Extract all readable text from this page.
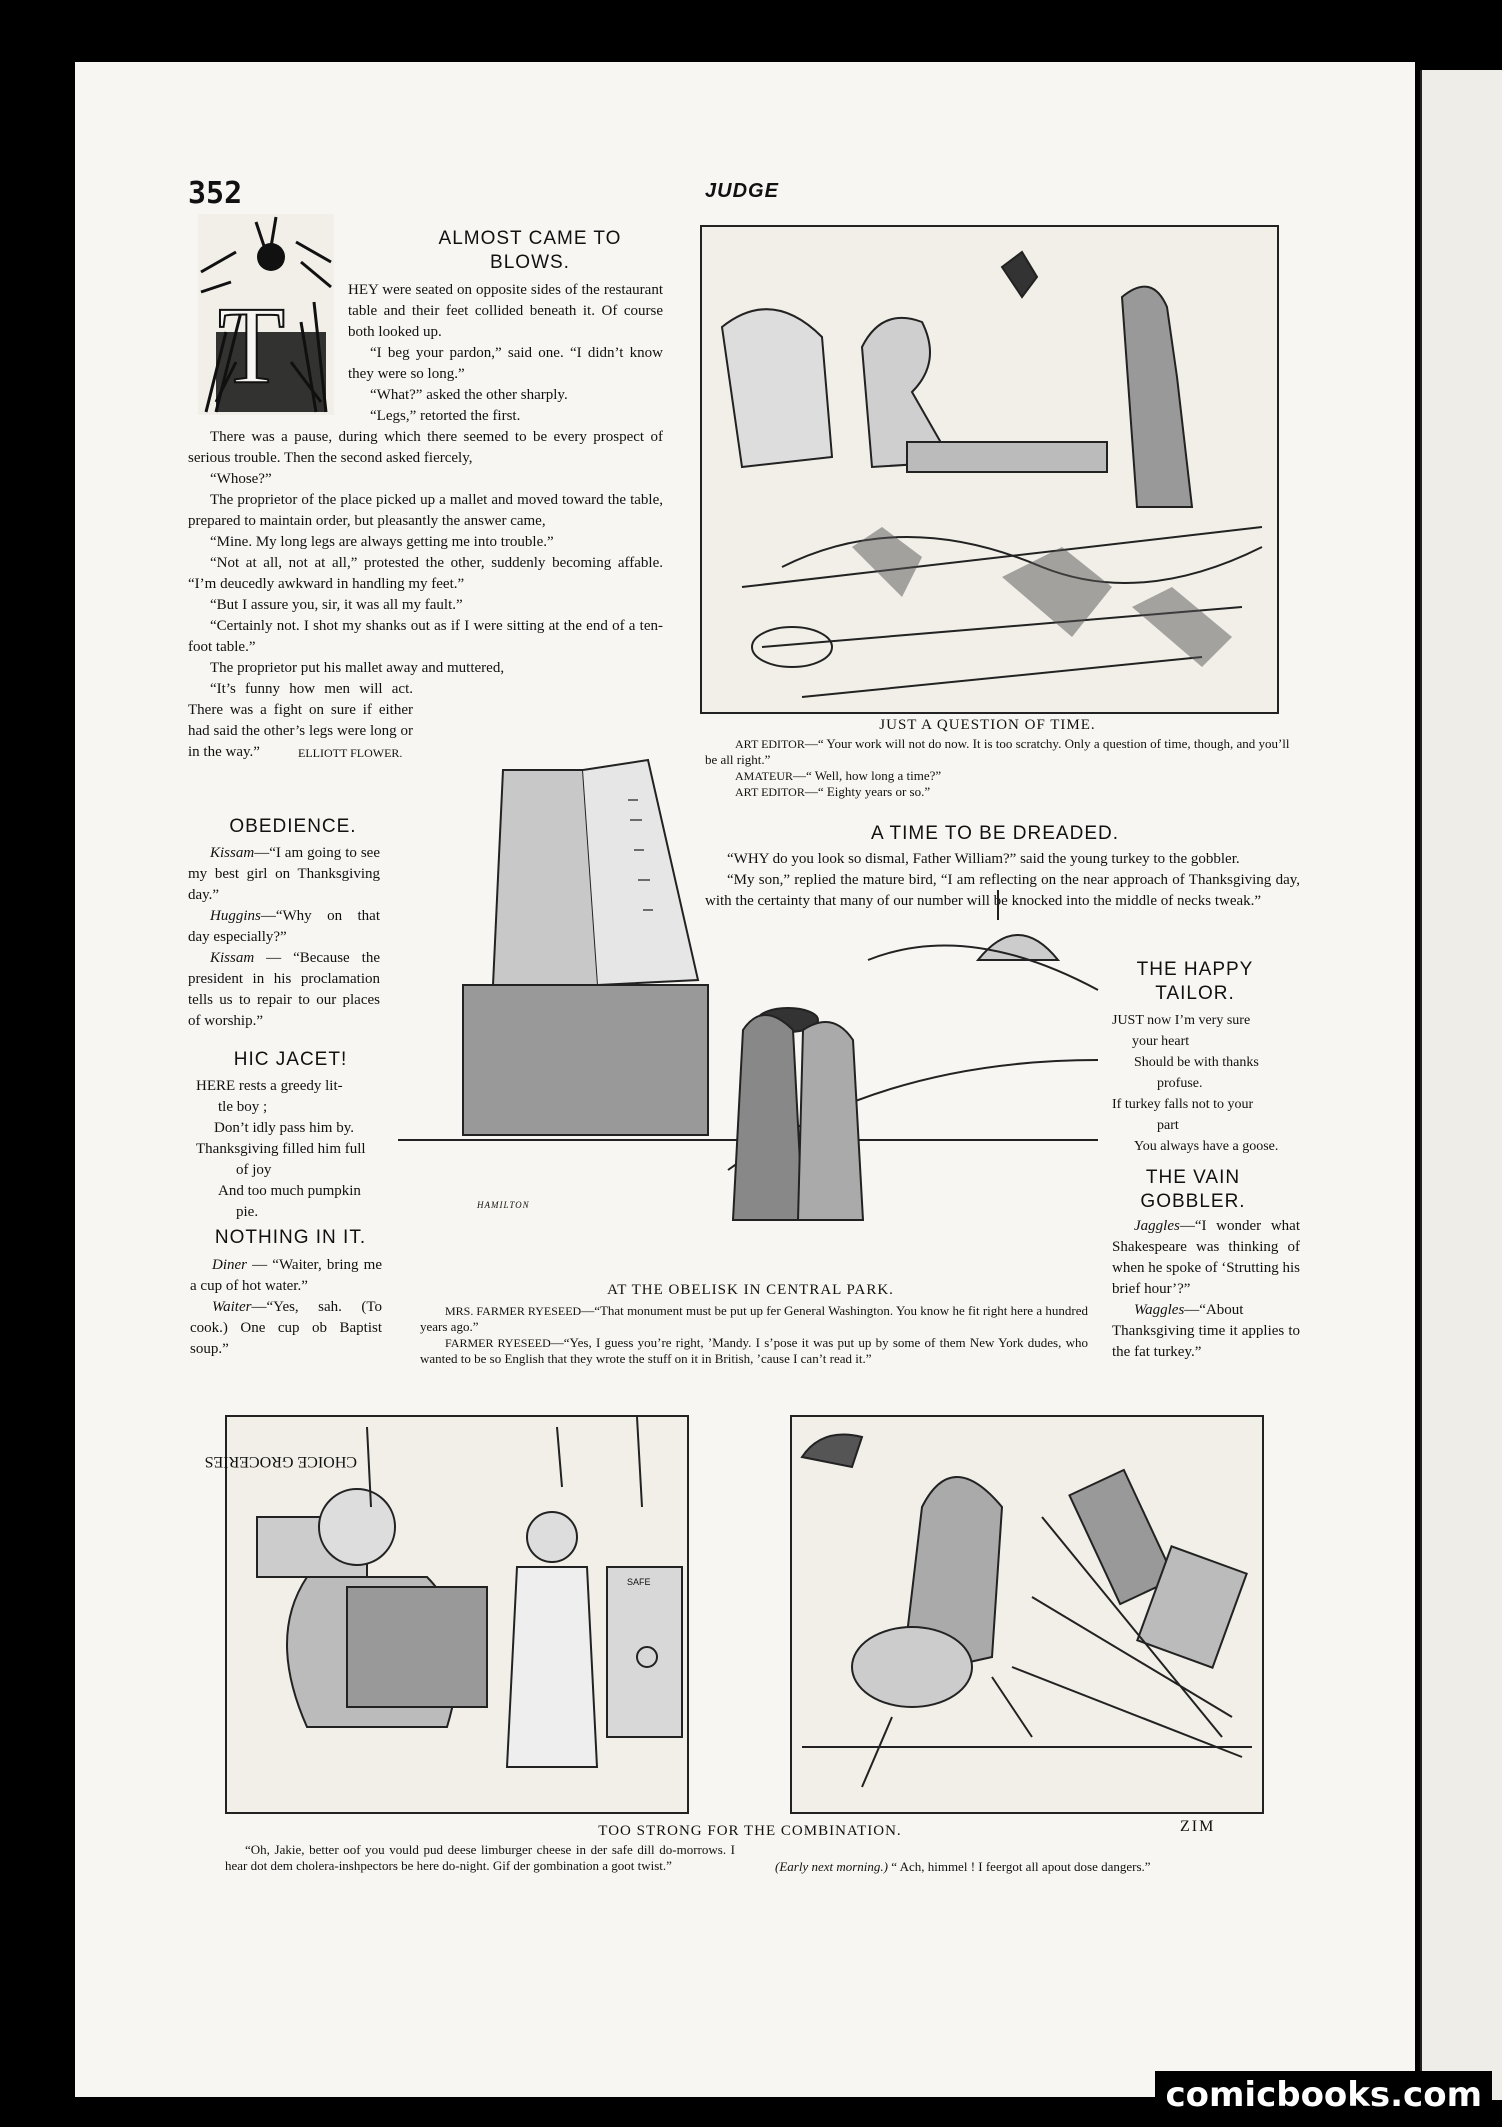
352	JUDGE
T
ALMOST CAME TO BLOWS.

HEY were seated on opposite sides of the restaurant table and their feet collided beneath it. Of course both looked up.

“I beg your pardon,” said one. “I didn’t know they were so long.”

“What?” asked the other sharply.

“Legs,” retorted the first.

There was a pause, during which there seemed to be every prospect of serious trouble. Then the second asked fiercely,

“Whose?”

The proprietor of the place picked up a mallet and moved toward the table, prepared to maintain order, but pleasantly the answer came,

“Mine. My long legs are always getting me into trouble.”

“Not at all, not at all,” protested the other, suddenly becoming affable. “I’m deucedly awkward in handling my feet.”

“But I assure you, sir, it was all my fault.”

“Certainly not. I shot my shanks out as if I were sitting at the end of a ten-foot table.”

The proprietor put his mallet away and muttered,

“It’s funny how men will act. There was a fight on sure if either had said the other’s legs were long or in the way.”	ELLIOTT FLOWER.
JUST A QUESTION OF TIME.
ART EDITOR—“ Your work will not do now. It is too scratchy. Only a question of time, though, and you’ll be all right.”
AMATEUR—“ Well, how long a time?”
ART EDITOR—“ Eighty years or so.”
OBEDIENCE.

Kissam—“I am going to see my best girl on Thanksgiving day.”

Huggins—“Why on that day especially?”

Kissam — “Because the president in his proclamation tells us to repair to our places of worship.”

HIC JACET!

HERE rests a greedy lit-

tle boy ;

Don’t idly pass him by.

Thanksgiving filled him full

of joy

And too much pumpkin

pie.

NOTHING IN IT.

Diner — “Waiter, bring me a cup of hot water.”

Waiter—“Yes, sah. (To cook.) One cup ob Baptist soup.”

A TIME TO BE DREADED.

“WHY do you look so dismal, Father William?” said the young turkey to the gobbler.

“My son,” replied the mature bird, “I am reflecting on the near approach of Thanksgiving day, with the certainty that many of our number will be knocked into the middle of necks tweak.”

HAMILTON
AT THE OBELISK IN CENTRAL PARK.
MRS. FARMER RYESEED—“That monument must be put up fer General Washington. You know he fit right here a hundred years ago.”
FARMER RYESEED—“Yes, I guess you’re right, ’Mandy. I s’pose it was put up by some of them New York dudes, who wanted to be so English that they wrote the stuff on it in British, ’cause I can’t read it.”
THE HAPPY TAILOR.

JUST now I’m very sure

your heart

Should be with thanks

profuse.

If turkey falls not to your

part

You always have a goose.

THE VAIN GOBBLER.

Jaggles—“I wonder what Shakespeare was thinking of when he spoke of ‘Strutting his brief hour’?”

Waggles—“About Thanksgiving time it applies to the fat turkey.”

CHOICE GROCERIES
SAFE
ZIM
TOO STRONG FOR THE COMBINATION.
“Oh, Jakie, better oof you vould pud deese limburger cheese in der safe dill do-morrows. I hear dot dem cholera-inshpectors be here do-night. Gif der gombination a goot twist.”	(Early next morning.) “ Ach, himmel ! I feergot all apout dose dangers.”
comicbooks.com
